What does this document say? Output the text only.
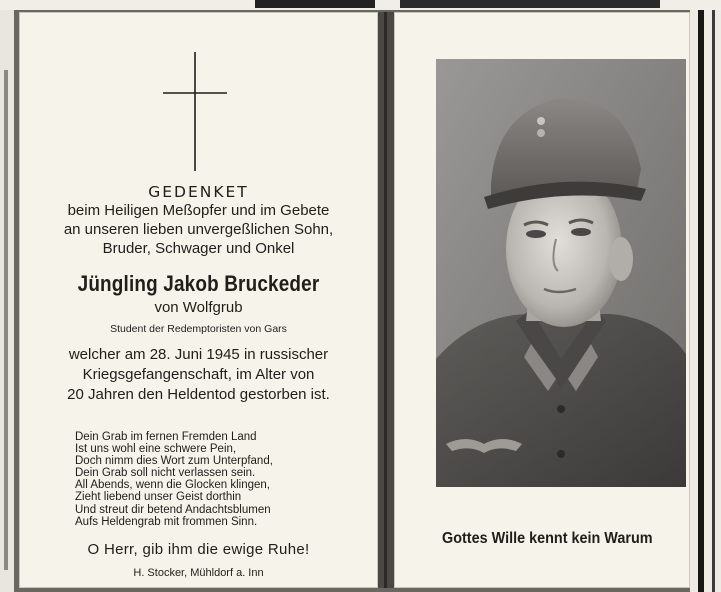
GEDENKET
beim Heiligen Meßopfer und im Gebete
an unseren lieben unvergeßlichen Sohn,
Bruder, Schwager und Onkel
Jüngling Jakob Bruckeder
von Wolfgrub
Student der Redemptoristen von Gars
welcher am 28. Juni 1945 in russischer
Kriegsgefangenschaft, im Alter von
20 Jahren den Heldentod gestorben ist.
Dein Grab im fernen Fremden Land
Ist uns wohl eine schwere Pein,
Doch nimm dies Wort zum Unterpfand,
Dein Grab soll nicht verlassen sein.
All Abends, wenn die Glocken klingen,
Zieht liebend unser Geist dorthin
Und streut dir betend Andachtsblumen
Aufs Heldengrab mit frommen Sinn.
O Herr, gib ihm die ewige Ruhe!
H. Stocker, Mühldorf a. Inn
Gottes Wille kennt kein Warum
